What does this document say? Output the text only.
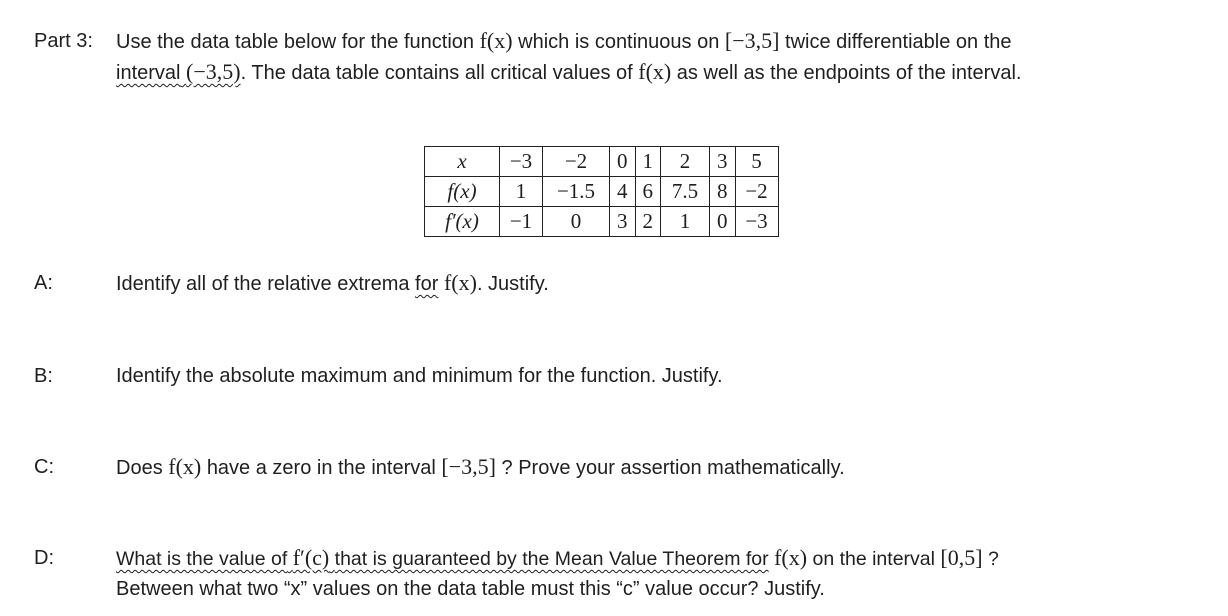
Part 3: Use the data table below for the function f(x) which is continuous on [−3,5] twice differentiable on the
interval (−3,5). The data table contains all critical values of f(x) as well as the endpoints of the interval.
x	−3	−2	0	1	2	3	5
f(x)	1	−1.5	4	6	7.5	8	−2
f′(x)	−1	0	3	2	1	0	−3
A:	Identify all of the relative extrema for f(x). Justify.
B:	Identify the absolute maximum and minimum for the function. Justify.
C:	Does f(x) have a zero in the interval [−3,5] ? Prove your assertion mathematically.
D:	What is the value of f′(c) that is guaranteed by the Mean Value Theorem for f(x) on the interval [0,5] ?
Between what two “x” values on the data table must this “c” value occur? Justify.
